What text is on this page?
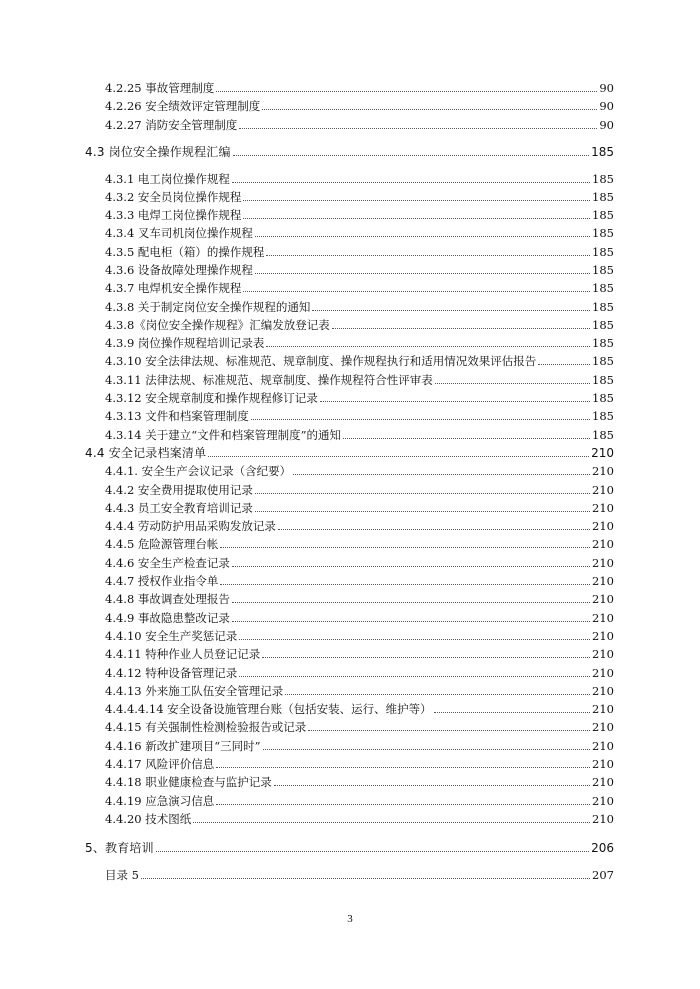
4.2.25 事故管理制度	90
4.2.26 安全绩效评定管理制度	90
4.2.27 消防安全管理制度	90
4.3 岗位安全操作规程汇编	185
4.3.1 电工岗位操作规程	185
4.3.2 安全员岗位操作规程	185
4.3.3 电焊工岗位操作规程	185
4.3.4 叉车司机岗位操作规程	185
4.3.5 配电柜（箱）的操作规程	185
4.3.6 设备故障处理操作规程	185
4.3.7 电焊机安全操作规程	185
4.3.8 关于制定岗位安全操作规程的通知	185
4.3.8《岗位安全操作规程》汇编发放登记表	185
4.3.9 岗位操作规程培训记录表	185
4.3.10 安全法律法规、标准规范、规章制度、操作规程执行和适用情况效果评估报告	185
4.3.11 法律法规、标准规范、规章制度、操作规程符合性评审表	185
4.3.12 安全规章制度和操作规程修订记录	185
4.3.13 文件和档案管理制度	185
4.3.14 关于建立“文件和档案管理制度”的通知	185
4.4 安全记录档案清单	210
4.4.1. 安全生产会议记录（含纪要）	210
4.4.2 安全费用提取使用记录	210
4.4.3 员工安全教育培训记录	210
4.4.4 劳动防护用品采购发放记录	210
4.4.5 危险源管理台帐	210
4.4.6 安全生产检查记录	210
4.4.7 授权作业指令单	210
4.4.8 事故调查处理报告	210
4.4.9 事故隐患整改记录	210
4.4.10 安全生产奖惩记录	210
4.4.11 特种作业人员登记记录	210
4.4.12 特种设备管理记录	210
4.4.13 外来施工队伍安全管理记录	210
4.4.4.4.14 安全设备设施管理台账（包括安装、运行、维护等）	210
4.4.15 有关强制性检测检验报告或记录	210
4.4.16 新改扩建项目“三同时”	210
4.4.17 风险评价信息	210
4.4.18 职业健康检查与监护记录	210
4.4.19 应急演习信息	210
4.4.20 技术图纸	210
5、教育培训	206
目录 5	207
3
